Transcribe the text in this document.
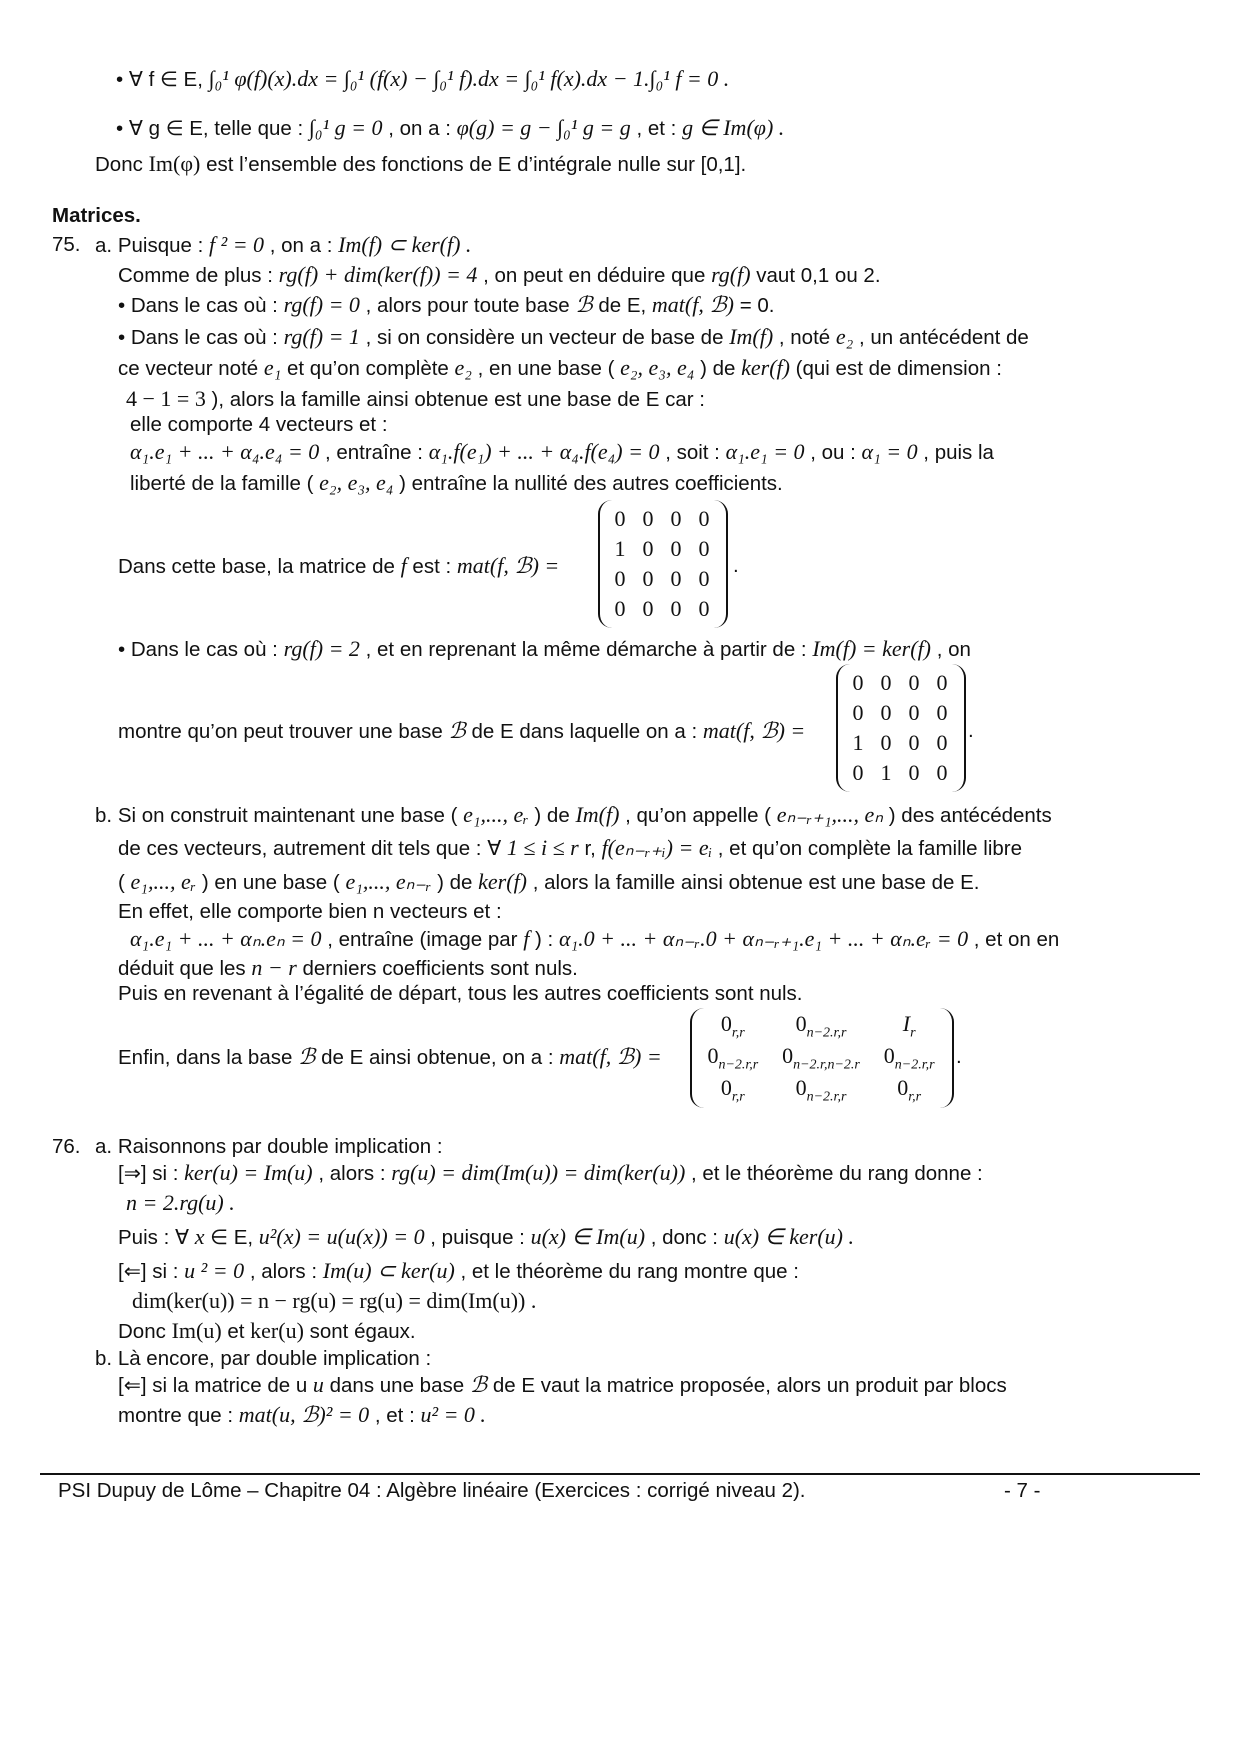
• ∀ f ∈ E, ∫₀¹ φ(f)(x).dx = ∫₀¹ (f(x) − ∫₀¹ f).dx = ∫₀¹ f(x).dx − 1.∫₀¹ f = 0 .
• ∀ g ∈ E, telle que : ∫₀¹ g = 0 , on a : φ(g) = g − ∫₀¹ g = g , et : g ∈ Im(φ) .
Donc Im(φ) est l’ensemble des fonctions de E d’intégrale nulle sur [0,1].
Matrices.
75. a. Puisque : f ² = 0 , on a : Im(f) ⊂ ker(f) .
Comme de plus : rg(f) + dim(ker(f)) = 4 , on peut en déduire que rg(f) vaut 0,1 ou 2.
• Dans le cas où : rg(f) = 0 , alors pour toute base ℬ de E, mat(f, ℬ) = 0.
• Dans le cas où : rg(f) = 1 , si on considère un vecteur de base de Im(f) , noté e₂ , un antécédent de
ce vecteur noté e₁ et qu’on complète e₂ , en une base ( e₂, e₃, e₄ ) de ker(f) (qui est de dimension :
4 − 1 = 3 ), alors la famille ainsi obtenue est une base de E car :
elle comporte 4 vecteurs et :
α₁.e₁ + ... + α₄.e₄ = 0 , entraîne : α₁.f(e₁) + ... + α₄.f(e₄) = 0 , soit : α₁.e₁ = 0 , ou : α₁ = 0 , puis la
liberté de la famille ( e₂, e₃, e₄ ) entraîne la nullité des autres coefficients.
Dans cette base, la matrice de f est : mat(f, ℬ) =
0	0	0	0
1	0	0	0
0	0	0	0
0	0	0	0
.
• Dans le cas où : rg(f) = 2 , et en reprenant la même démarche à partir de : Im(f) = ker(f) , on
montre qu’on peut trouver une base ℬ de E dans laquelle on a : mat(f, ℬ) =
0	0	0	0
0	0	0	0
1	0	0	0
0	1	0	0
.
b. Si on construit maintenant une base ( e₁,..., eᵣ ) de Im(f) , qu’on appelle ( eₙ₋ᵣ₊₁,..., eₙ ) des antécédents
de ces vecteurs, autrement dit tels que : ∀ 1 ≤ i ≤ r r, f(eₙ₋ᵣ₊ᵢ) = eᵢ , et qu’on complète la famille libre
( e₁,..., eᵣ ) en une base ( e₁,..., eₙ₋ᵣ ) de ker(f) , alors la famille ainsi obtenue est une base de E.
En effet, elle comporte bien n vecteurs et :
α₁.e₁ + ... + αₙ.eₙ = 0 , entraîne (image par f ) : α₁.0 + ... + αₙ₋ᵣ.0 + αₙ₋ᵣ₊₁.e₁ + ... + αₙ.eᵣ = 0 , et on en
déduit que les n − r derniers coefficients sont nuls.
Puis en revenant à l’égalité de départ, tous les autres coefficients sont nuls.
Enfin, dans la base ℬ de E ainsi obtenue, on a : mat(f, ℬ) =
$0_{r,r}$	$0_{n-2.r,r}$	$I_r$
$0_{n-2.r,r}$	$0_{n-2.r,n-2.r}$	$0_{n-2.r,r}$
$0_{r,r}$	$0_{n-2.r,r}$	$0_{r,r}$
.
76. a. Raisonnons par double implication :
[⇒] si : ker(u) = Im(u) , alors : rg(u) = dim(Im(u)) = dim(ker(u)) , et le théorème du rang donne :
n = 2.rg(u) .
Puis : ∀ x ∈ E, u²(x) = u(u(x)) = 0 , puisque : u(x) ∈ Im(u) , donc : u(x) ∈ ker(u) .
[⇐] si : u ² = 0 , alors : Im(u) ⊂ ker(u) , et le théorème du rang montre que :
dim(ker(u)) = n − rg(u) = rg(u) = dim(Im(u)) .
Donc Im(u) et ker(u) sont égaux.
b. Là encore, par double implication :
[⇐] si la matrice de u u dans une base ℬ de E vaut la matrice proposée, alors un produit par blocs
montre que : mat(u, ℬ)² = 0 , et : u² = 0 .
PSI Dupuy de Lôme – Chapitre 04 : Algèbre linéaire (Exercices : corrigé niveau 2).	- 7 -
